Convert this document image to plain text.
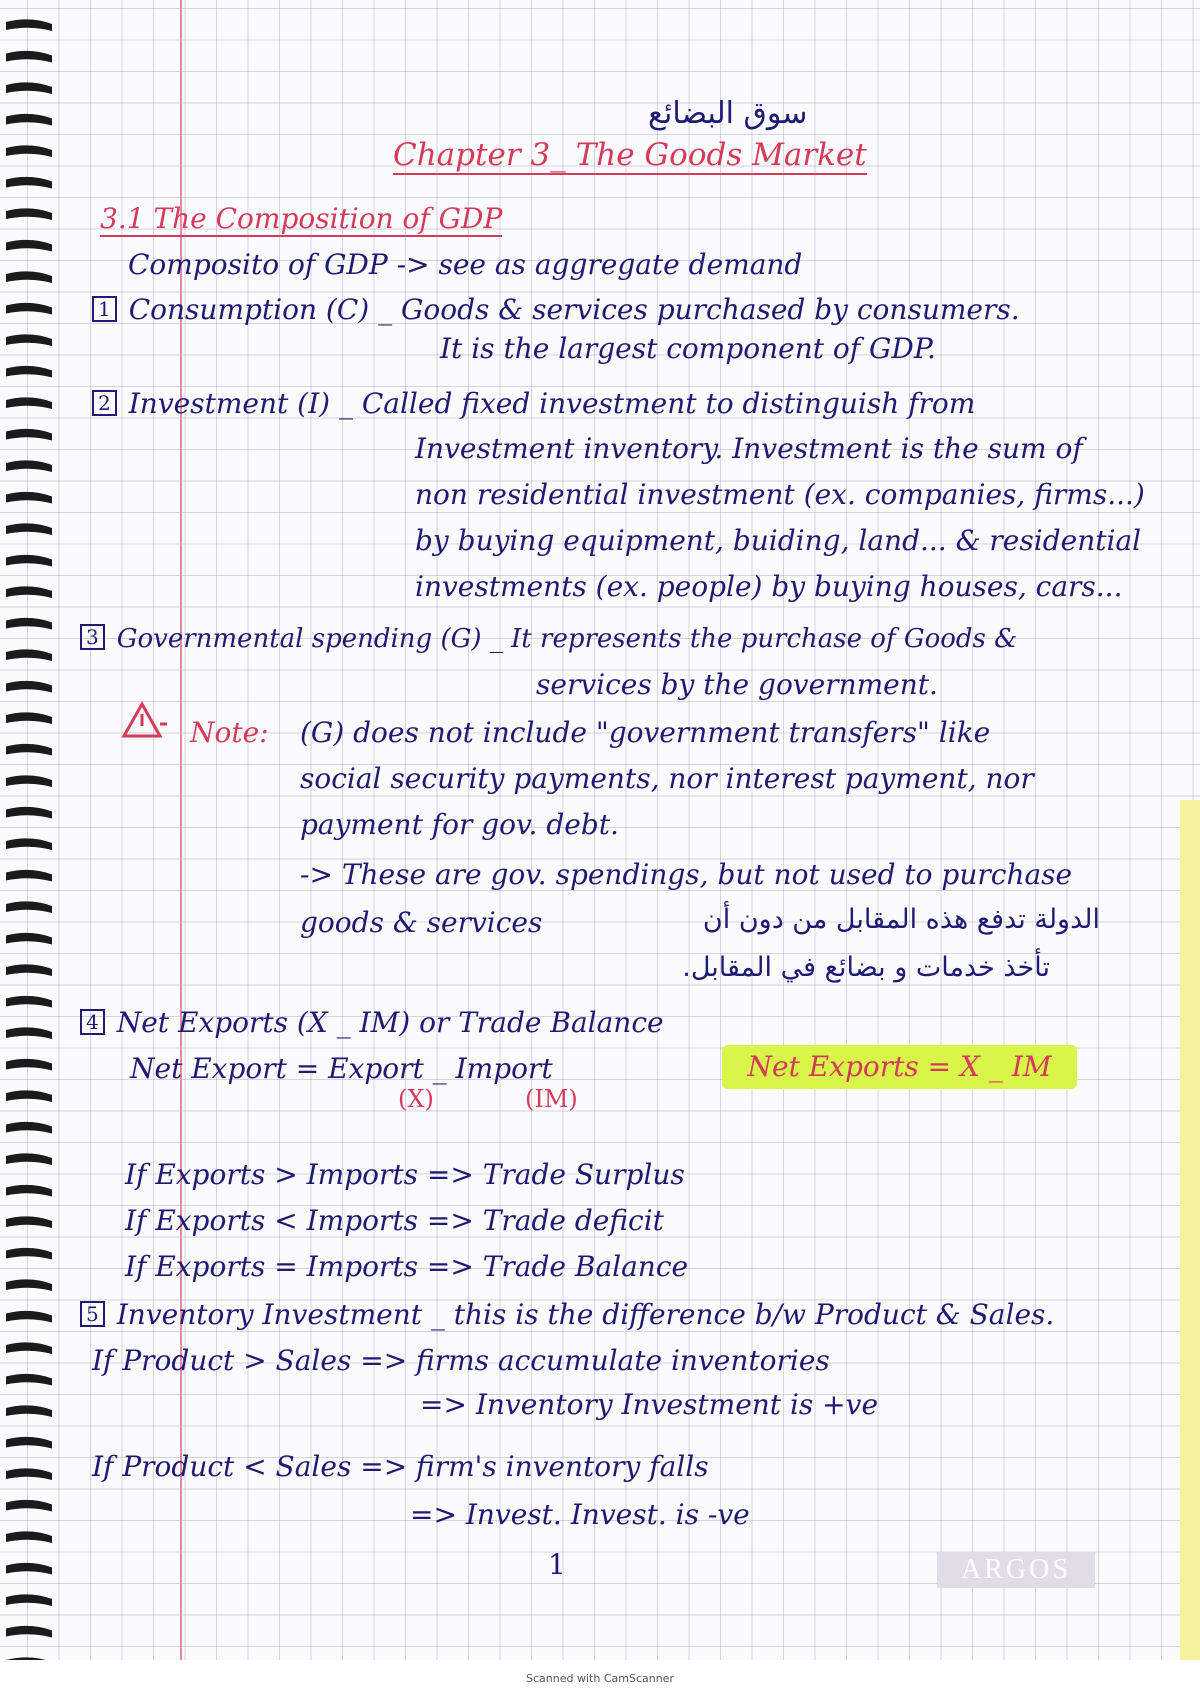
سوق البضائع
Chapter 3_ The Goods Market
3.1 The Composition of GDP
Composito of GDP -> see as aggregate demand
1 Consumption (C) _ Goods & services purchased by consumers.
It is the largest component of GDP.
2 Investment (I) _ Called fixed investment to distinguish from
Investment inventory. Investment is the sum of
non residential investment (ex. companies, firms...)
by buying equipment, buiding, land... & residential
investments (ex. people) by buying houses, cars...
3 Governmental spending (G) _ It represents the purchase of Goods &
services by the government.
Note: (G) does not include "government transfers" like
social security payments, nor interest payment, nor
payment for gov. debt.
-> These are gov. spendings, but not used to purchase
goods & services	الدولة تدفع هذه المقابل من دون أن
تأخذ خدمات و بضائع في المقابل.
4 Net Exports (X _ IM) or Trade Balance
Net Export = Export _ Import
(X)	(IM)
Net Exports = X _ IM
If Exports > Imports => Trade Surplus
If Exports < Imports => Trade deficit
If Exports = Imports => Trade Balance
5 Inventory Investment _ this is the difference b/w Product & Sales.
If Product > Sales => firms accumulate inventories
=> Inventory Investment is +ve
If Product < Sales => firm's inventory falls
=> Invest. Invest. is -ve
1	ARGOS
Scanned with CamScanner
